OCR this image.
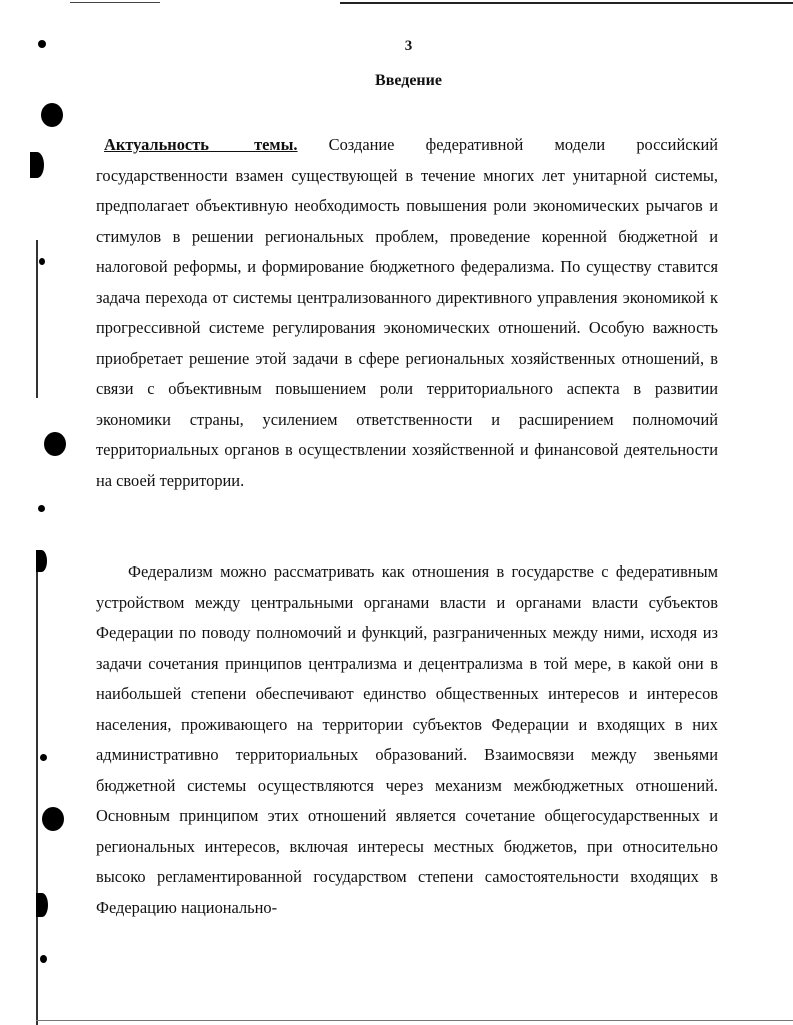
3
Введение
Актуальность темы. Создание федеративной модели российский государственности взамен существующей в течение многих лет унитарной системы, предполагает объективную необходимость повышения роли экономических рычагов и стимулов в решении региональных проблем, проведение коренной бюджетной и налоговой реформы, и формирование бюджетного федерализма. По существу ставится задача перехода от системы централизованного директивного управления экономикой к прогрессивной системе регулирования экономических отношений. Особую важность приобретает решение этой задачи в сфере региональных хозяйственных отношений, в связи с объективным повышением роли территориального аспекта в развитии экономики страны, усилением ответственности и расширением полномочий территориальных органов в осуществлении хозяйственной и финансовой деятельности на своей территории.
Федерализм можно рассматривать как отношения в государстве с федеративным устройством между центральными органами власти и органами власти субъектов Федерации по поводу полномочий и функций, разграниченных между ними, исходя из задачи сочетания принципов централизма и децентрализма в той мере, в какой они в наибольшей степени обеспечивают единство общественных интересов и интересов населения, проживающего на территории субъектов Федерации и входящих в них административно территориальных образований. Взаимосвязи между звеньями бюджетной системы осуществляются через механизм межбюджетных отношений. Основным принципом этих отношений является сочетание общегосударственных и региональных интересов, включая интересы местных бюджетов, при относительно высоко регламентированной государством степени самостоятельности входящих в Федерацию национально-
